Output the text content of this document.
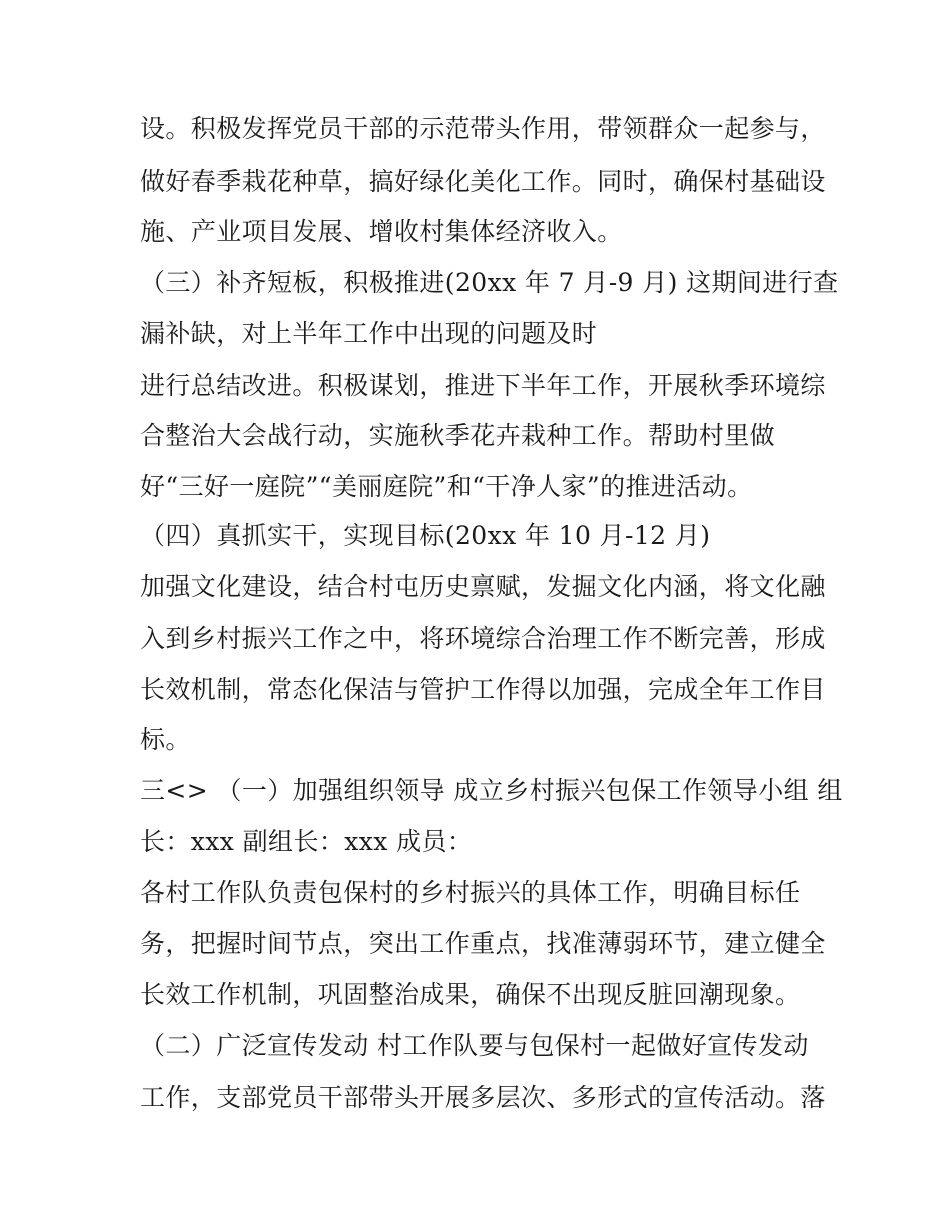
设。积极发挥党员干部的示范带头作用，带领群众一起参与，
做好春季栽花种草，搞好绿化美化工作。同时，确保村基础设
施、产业项目发展、增收村集体经济收入。
（三）补齐短板，积极推进(20xx 年 7 月-9 月) 这期间进行查
漏补缺，对上半年工作中出现的问题及时
进行总结改进。积极谋划，推进下半年工作，开展秋季环境综
合整治大会战行动，实施秋季花卉栽种工作。帮助村里做
好“三好一庭院”“美丽庭院”和“干净人家”的推进活动。
（四）真抓实干，实现目标(20xx 年 10 月-12 月)
加强文化建设，结合村屯历史禀赋，发掘文化内涵，将文化融
入到乡村振兴工作之中，将环境综合治理工作不断完善，形成
长效机制，常态化保洁与管护工作得以加强，完成全年工作目
标。
三<> （一）加强组织领导 成立乡村振兴包保工作领导小组 组
长：xxx 副组长：xxx 成员：
各村工作队负责包保村的乡村振兴的具体工作，明确目标任
务，把握时间节点，突出工作重点，找准薄弱环节，建立健全
长效工作机制，巩固整治成果，确保不出现反脏回潮现象。
（二）广泛宣传发动 村工作队要与包保村一起做好宣传发动
工作，支部党员干部带头开展多层次、多形式的宣传活动。落
